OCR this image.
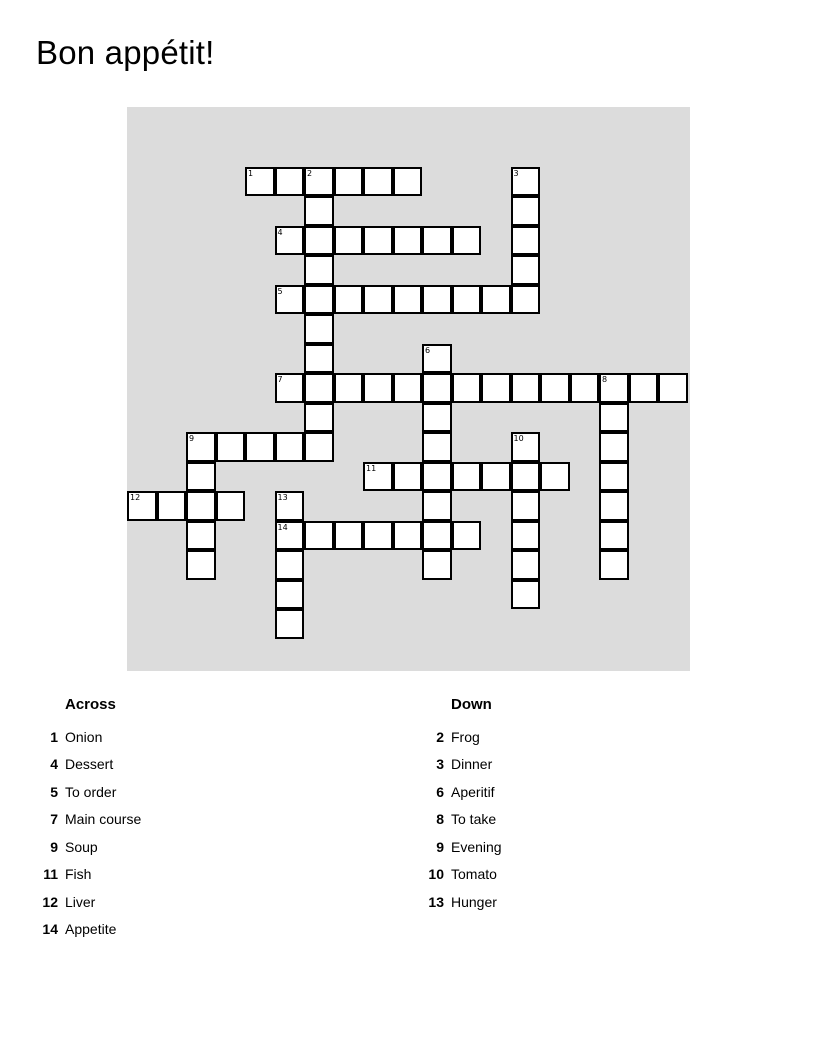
Bon appétit!
1	2
4
5
7	8
9
11
12
14
3
6
10
13
Across
1 Onion
4 Dessert
5 To order
7 Main course
9 Soup
11 Fish
12 Liver
14 Appetite
Down
2 Frog
3 Dinner
6 Aperitif
8 To take
9 Evening
10 Tomato
13 Hunger
